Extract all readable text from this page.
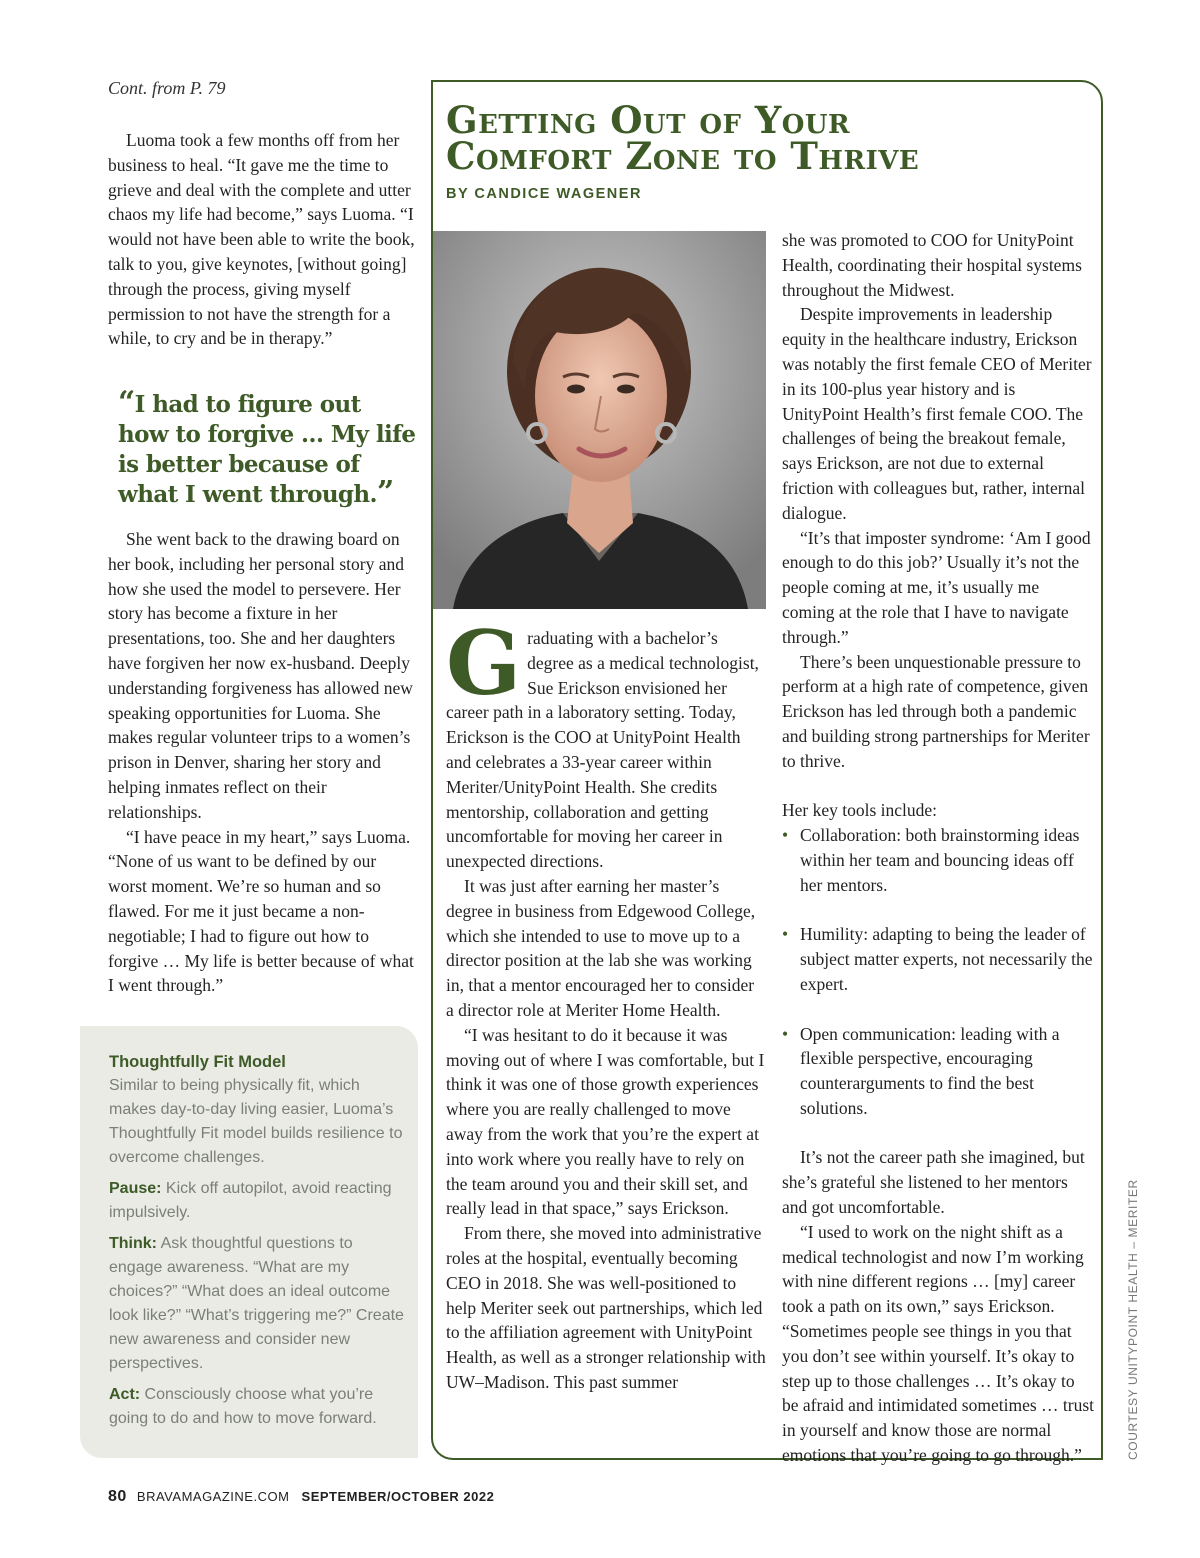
Cont. from P. 79

Luoma took a few months off from her business to heal. “It gave me the time to grieve and deal with the complete and utter chaos my life had become,” says Luoma. “I would not have been able to write the book, talk to you, give keynotes, [without going] through the process, giving myself permission to not have the strength for a while, to cry and be in therapy.”

“I had to figure out how to forgive … My life is better because of what I went through.”

She went back to the drawing board on her book, including her personal story and how she used the model to persevere. Her story has become a fixture in her presentations, too. She and her daughters have forgiven her now ex-husband. Deeply understanding forgiveness has allowed new speaking opportunities for Luoma. She makes regular volunteer trips to a women’s prison in Denver, sharing her story and helping inmates reflect on their relationships.

“I have peace in my heart,” says Luoma. “None of us want to be defined by our worst moment. We’re so human and so flawed. For me it just became a non-negotiable; I had to figure out how to forgive … My life is better because of what I went through.”

Thoughtfully Fit Model

Similar to being physically fit, which makes day-to-day living easier, Luoma’s Thoughtfully Fit model builds resilience to overcome challenges.

Pause: Kick off autopilot, avoid reacting impulsively.

Think: Ask thoughtful questions to engage awareness. “What are my choices?” “What does an ideal outcome look like?” “What’s triggering me?” Create new awareness and consider new perspectives.

Act: Consciously choose what you’re going to do and how to move forward.

Getting Out of Your
Comfort Zone to Thrive
BY CANDICE WAGENER

Graduating with a bachelor’s degree as a medical technologist, Sue Erickson envisioned her career path in a laboratory setting. Today, Erickson is the COO at UnityPoint Health and celebrates a 33-year career within Meriter/UnityPoint Health. She credits mentorship, collaboration and getting uncomfortable for moving her career in unexpected directions.

It was just after earning her master’s degree in business from Edgewood College, which she intended to use to move up to a director position at the lab she was working in, that a mentor encouraged her to consider a director role at Meriter Home Health.

“I was hesitant to do it because it was moving out of where I was comfortable, but I think it was one of those growth experiences where you are really challenged to move away from the work that you’re the expert at into work where you really have to rely on the team around you and their skill set, and really lead in that space,” says Erickson.

From there, she moved into administrative roles at the hospital, eventually becoming CEO in 2018. She was well-positioned to help Meriter seek out partnerships, which led to the affiliation agreement with UnityPoint Health, as well as a stronger relationship with UW–Madison. This past summer

she was promoted to COO for UnityPoint Health, coordinating their hospital systems throughout the Midwest.

Despite improvements in leadership equity in the healthcare industry, Erickson was notably the first female CEO of Meriter in its 100-plus year history and is UnityPoint Health’s first female COO. The challenges of being the breakout female, says Erickson, are not due to external friction with colleagues but, rather, internal dialogue.

“It’s that imposter syndrome: ‘Am I good enough to do this job?’ Usually it’s not the people coming at me, it’s usually me coming at the role that I have to navigate through.”

There’s been unquestionable pressure to perform at a high rate of competence, given Erickson has led through both a pandemic and building strong partnerships for Meriter to thrive.

Her key tools include:

• Collaboration: both brainstorming ideas within her team and bouncing ideas off her mentors.

• Humility: adapting to being the leader of subject matter experts, not necessarily the expert.

• Open communication: leading with a flexible perspective, encouraging counterarguments to find the best solutions.

It’s not the career path she imagined, but she’s grateful she listened to her mentors and got uncomfortable.

“I used to work on the night shift as a medical technologist and now I’m working with nine different regions … [my] career took a path on its own,” says Erickson. “Sometimes people see things in you that you don’t see within yourself. It’s okay to step up to those challenges … It’s okay to be afraid and intimidated sometimes … trust in yourself and know those are normal emotions that you’re going to go through.”	COURTESY UNITYPOINT HEALTH – MERITER
80 BRAVAMAGAZINE.COM SEPTEMBER/OCTOBER 2022
